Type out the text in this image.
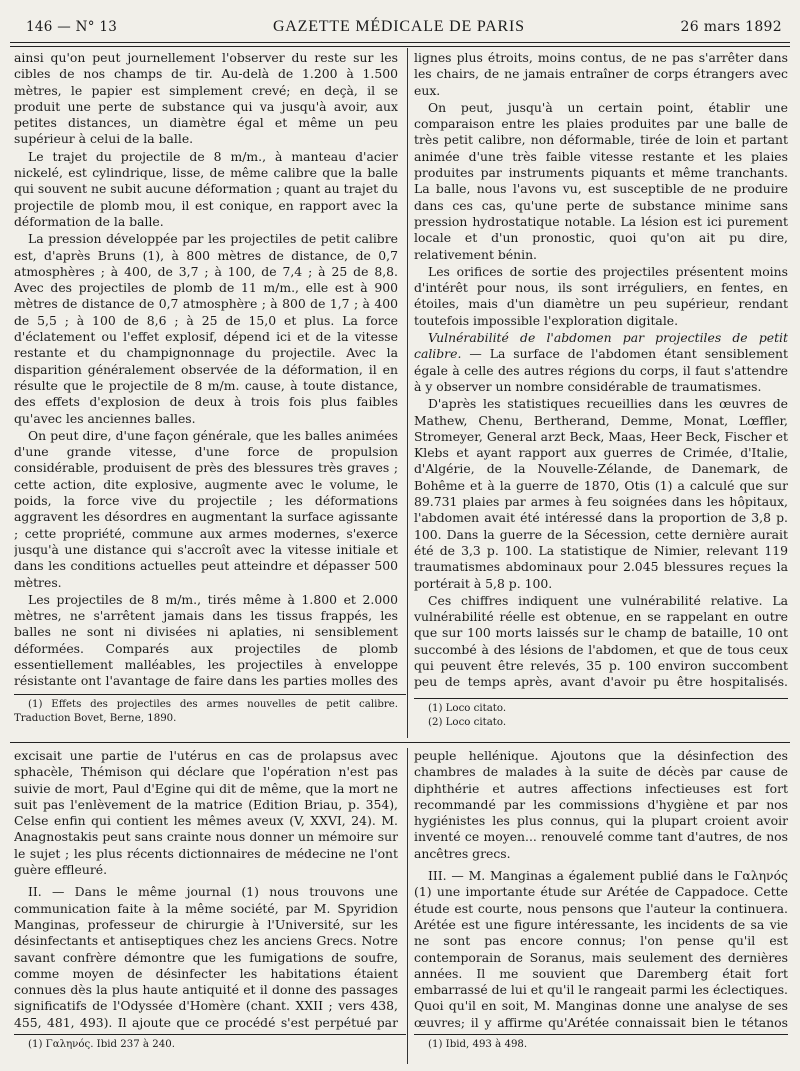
146 — N° 13	GAZETTE MÉDICALE DE PARIS	26 mars 1892

ainsi qu'on peut journellement l'observer du reste sur les cibles de nos champs de tir. Au-delà de 1.200 à 1.500 mètres, le papier est simplement crevé; en deçà, il se produit une perte de substance qui va jusqu'à avoir, aux petites distances, un diamètre égal et même un peu supérieur à celui de la balle.

Le trajet du projectile de 8 m/m., à manteau d'acier nickelé, est cylindrique, lisse, de même calibre que la balle qui souvent ne subit aucune déformation ; quant au trajet du projectile de plomb mou, il est conique, en rapport avec la déformation de la balle.

La pression développée par les projectiles de petit calibre est, d'après Bruns (1), à 800 mètres de distance, de 0,7 atmosphères ; à 400, de 3,7 ; à 100, de 7,4 ; à 25 de 8,8. Avec des projectiles de plomb de 11 m/m., elle est à 900 mètres de distance de 0,7 atmosphère ; à 800 de 1,7 ; à 400 de 5,5 ; à 100 de 8,6 ; à 25 de 15,0 et plus. La force d'éclatement ou l'effet explosif, dépend ici et de la vitesse restante et du champignonnage du projectile. Avec la disparition généralement observée de la déformation, il en résulte que le projectile de 8 m/m. cause, à toute distance, des effets d'explosion de deux à trois fois plus faibles qu'avec les anciennes balles.

On peut dire, d'une façon générale, que les balles animées d'une grande vitesse, d'une force de propulsion considérable, produisent de près des blessures très graves ; cette action, dite explosive, augmente avec le volume, le poids, la force vive du projectile ; les déformations aggravent les désordres en augmentant la surface agissante ; cette propriété, commune aux armes modernes, s'exerce jusqu'à une distance qui s'accroît avec la vitesse initiale et dans les conditions actuelles peut atteindre et dépasser 500 mètres.

Les projectiles de 8 m/m., tirés même à 1.800 et 2.000 mètres, ne s'arrêtent jamais dans les tissus frappés, les balles ne sont ni divisées ni aplaties, ni sensiblement déformées. Comparés aux projectiles de plomb essentiellement malléables, les projectiles à enveloppe résistante ont l'avantage de faire dans les parties molles des

(1) Effets des projectiles des armes nouvelles de petit calibre. Traduction Bovet, Berne, 1890.

lignes plus étroits, moins contus, de ne pas s'arrêter dans les chairs, de ne jamais entraîner de corps étrangers avec eux.

On peut, jusqu'à un certain point, établir une comparaison entre les plaies produites par une balle de très petit calibre, non déformable, tirée de loin et partant animée d'une très faible vitesse restante et les plaies produites par instruments piquants et même tranchants. La balle, nous l'avons vu, est susceptible de ne produire dans ces cas, qu'une perte de substance minime sans pression hydrostatique notable. La lésion est ici purement locale et d'un pronostic, quoi qu'on ait pu dire, relativement bénin.

Les orifices de sortie des projectiles présentent moins d'intérêt pour nous, ils sont irréguliers, en fentes, en étoiles, mais d'un diamètre un peu supérieur, rendant toutefois impossible l'exploration digitale.

Vulnérabilité de l'abdomen par projectiles de petit calibre. — La surface de l'abdomen étant sensiblement égale à celle des autres régions du corps, il faut s'attendre à y observer un nombre considérable de traumatismes.

D'après les statistiques recueillies dans les œuvres de Mathew, Chenu, Bertherand, Demme, Monat, Lœffler, Stromeyer, General arzt Beck, Maas, Heer Beck, Fischer et Klebs et ayant rapport aux guerres de Crimée, d'Italie, d'Algérie, de la Nouvelle-Zélande, de Danemark, de Bohême et à la guerre de 1870, Otis (1) a calculé que sur 89.731 plaies par armes à feu soignées dans les hôpitaux, l'abdomen avait été intéressé dans la proportion de 3,8 p. 100. Dans la guerre de la Sécession, cette dernière aurait été de 3,3 p. 100. La statistique de Nimier, relevant 119 traumatismes abdominaux pour 2.045 blessures reçues la portérait à 5,8 p. 100.

Ces chiffres indiquent une vulnérabilité relative. La vulnérabilité réelle est obtenue, en se rappelant en outre que sur 100 morts laissés sur le champ de bataille, 10 ont succombé à des lésions de l'abdomen, et que de tous ceux qui peuvent être relevés, 35 p. 100 environ succombent peu de temps après, avant d'avoir pu être hospitalisés.

(1) Loco citato.

(2) Loco citato.

excisait une partie de l'utérus en cas de prolapsus avec sphacèle, Thémison qui déclare que l'opération n'est pas suivie de mort, Paul d'Egine qui dit de même, que la mort ne suit pas l'enlèvement de la matrice (Edition Briau, p. 354), Celse enfin qui contient les mêmes aveux (V, XXVI, 24). M. Anagnostakis peut sans crainte nous donner un mémoire sur le sujet ; les plus récents dictionnaires de médecine ne l'ont guère effleuré.

II. — Dans le même journal (1) nous trouvons une communication faite à la même société, par M. Spyridion Manginas, professeur de chirurgie à l'Université, sur les désinfectants et antiseptiques chez les anciens Grecs. Notre savant confrère démontre que les fumigations de soufre, comme moyen de désinfecter les habitations étaient connues dès la plus haute antiquité et il donne des passages significatifs de l'Odyssée d'Homère (chant. XXII ; vers 438, 455, 481, 493). Il ajoute que ce procédé s'est perpétué par

(1) Γαληνός. Ibid 237 à 240.

peuple hellénique. Ajoutons que la désinfection des chambres de malades à la suite de décès par cause de diphthérie et autres affections infectieuses est fort recommandé par les commissions d'hygiène et par nos hygiénistes les plus connus, qui la plupart croient avoir inventé ce moyen... renouvelé comme tant d'autres, de nos ancêtres grecs.

III. — M. Manginas a également publié dans le Γαληνός (1) une importante étude sur Arétée de Cappadoce. Cette étude est courte, nous pensons que l'auteur la continuera. Arétée est une figure intéressante, les incidents de sa vie ne sont pas encore connus; l'on pense qu'il est contemporain de Soranus, mais seulement des dernières années. Il me souvient que Daremberg était fort embarrassé de lui et qu'il le rangeait parmi les éclectiques. Quoi qu'il en soit, M. Manginas donne une analyse de ses œuvres; il y affirme qu'Arétée connaissait bien le tétanos

(1) Ibid, 493 à 498.
